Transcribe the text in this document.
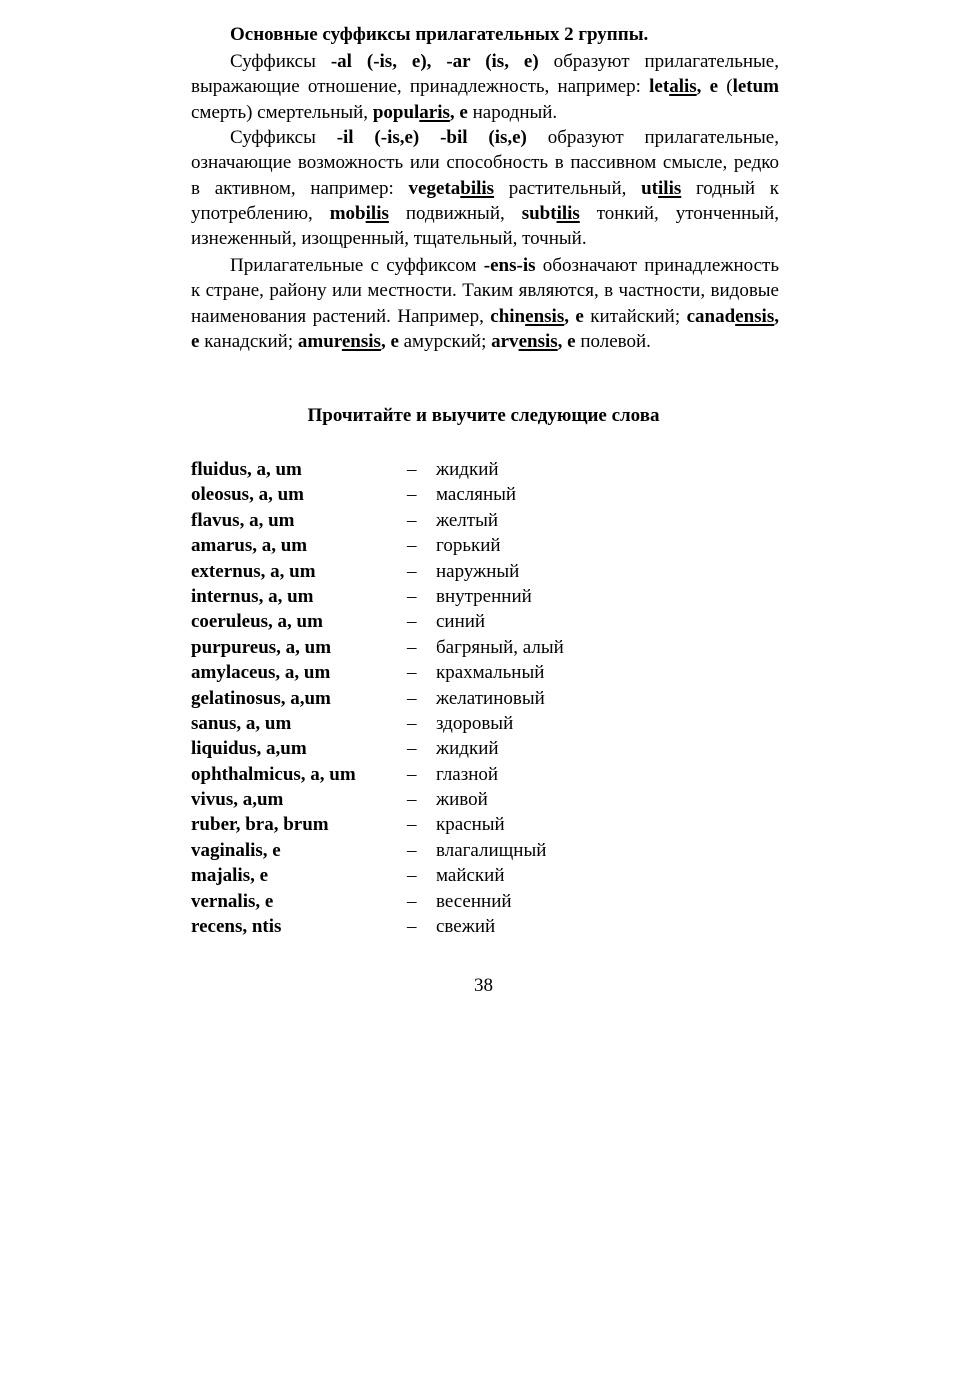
Основные суффиксы прилагательных 2 группы.

Суффиксы -al (-is, e), -ar (is, e) образуют прилагательные, выражающие отношение, принадлежность, например: letalis, e (letum смерть) смертельный, popularis, e народный.

Суффиксы -il (-is,e) -bil (is,e) образуют прилагательные, означающие возможность или способность в пассивном смысле, редко в активном, например: vegetabilis растительный, utilis годный к употреблению, mobilis подвижный, subtilis тонкий, утонченный, изнеженный, изощренный, тщательный, точный.

Прилагательные с суффиксом -ens-is обозначают принадлежность к стране, району или местности. Таким являются, в частности, видовые наименования растений. Например, chinensis, e китайский; canadensis, e канадский; amurensis, e амурский; arvensis, e полевой.

Прочитайте и выучите следующие слова
fluidus, a, um	– жидкий
oleosus, a, um	– масляный
flavus, a, um	– желтый
amarus, a, um	– горький
externus, a, um	– наружный
internus, a, um	– внутренний
coeruleus, a, um	– синий
purpureus, a, um	– багряный, алый
amylaceus, a, um	– крахмальный
gelatinosus, a,um	– желатиновый
sanus, a, um	– здоровый
liquidus, a,um	– жидкий
ophthalmicus, a, um	– глазной
vivus, a,um	– живой
ruber, bra, brum	– красный
vaginalis, e	– влагалищный
majalis, e	– майский
vernalis, e	– весенний
recens, ntis	– свежий
38
